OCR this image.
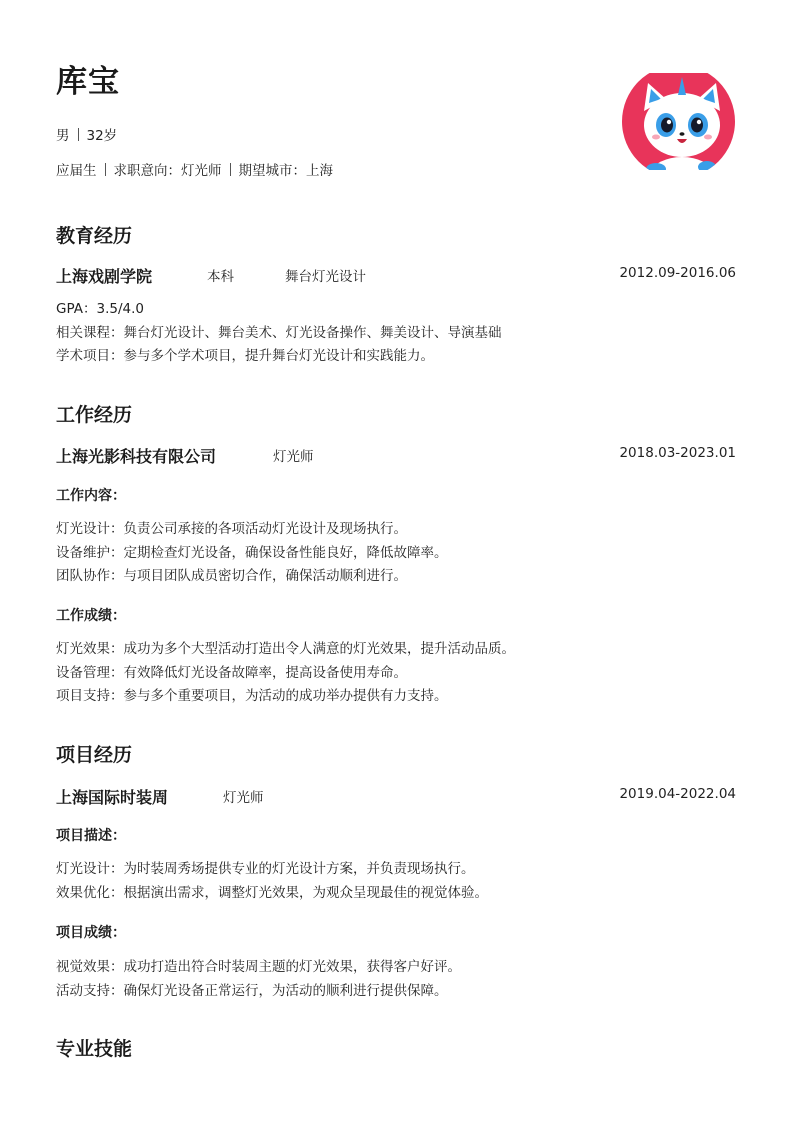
库宝
男 32岁
应届生 求职意向：灯光师 期望城市：上海
教育经历
上海戏剧学院	本科	舞台灯光设计	2012.09-2016.06
GPA：3.5/4.0
相关课程：舞台灯光设计、舞台美术、灯光设备操作、舞美设计、导演基础
学术项目：参与多个学术项目，提升舞台灯光设计和实践能力。
工作经历
上海光影科技有限公司	灯光师	2018.03-2023.01
工作内容：
灯光设计：负责公司承接的各项活动灯光设计及现场执行。
设备维护：定期检查灯光设备，确保设备性能良好，降低故障率。
团队协作：与项目团队成员密切合作，确保活动顺利进行。
工作成绩：
灯光效果：成功为多个大型活动打造出令人满意的灯光效果，提升活动品质。
设备管理：有效降低灯光设备故障率，提高设备使用寿命。
项目支持：参与多个重要项目，为活动的成功举办提供有力支持。
项目经历
上海国际时装周	灯光师	2019.04-2022.04
项目描述：
灯光设计：为时装周秀场提供专业的灯光设计方案，并负责现场执行。
效果优化：根据演出需求，调整灯光效果，为观众呈现最佳的视觉体验。
项目成绩：
视觉效果：成功打造出符合时装周主题的灯光效果，获得客户好评。
活动支持：确保灯光设备正常运行，为活动的顺利进行提供保障。
专业技能
